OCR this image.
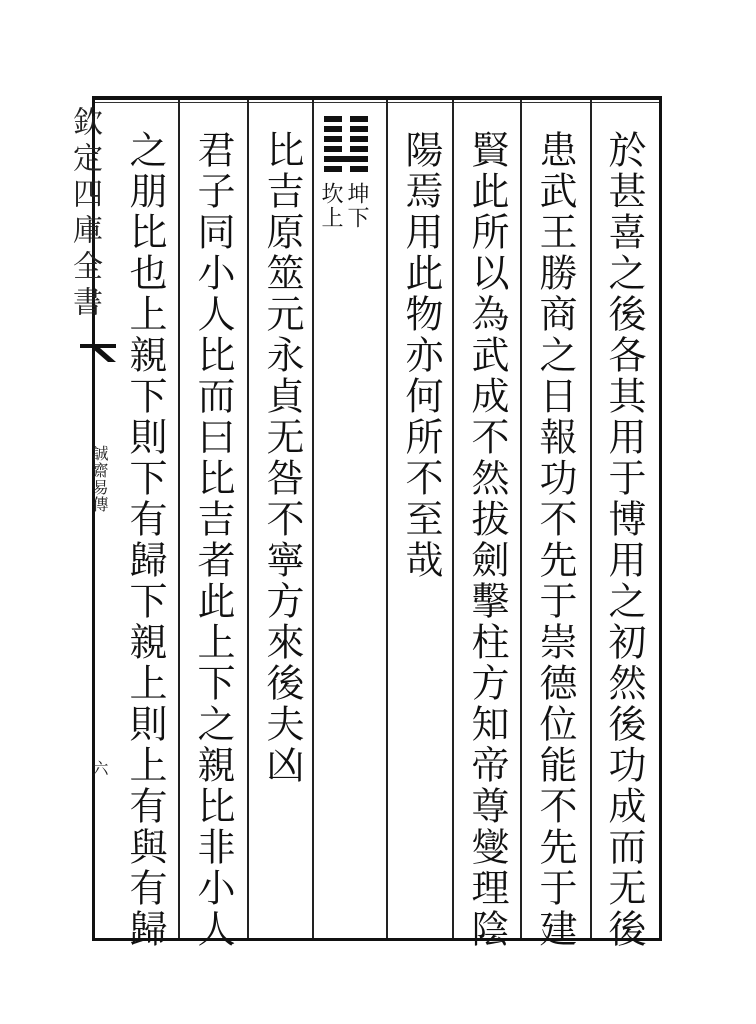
欽定四庫全書
誠齋易傳
六	於甚喜之後各其用于博用之初然後功成而无後
患武王勝商之日報功不先于崇德位能不先于建
賢此所以為武成不然拔劍擊柱方知帝尊燮理陰
陽焉用此物亦何所不至哉
坤下
坎上
比吉原筮元永貞无咎不寧方來後夫凶
君子同小人比而曰比吉者此上下之親比非小人
之朋比也上親下則下有歸下親上則上有與有歸
